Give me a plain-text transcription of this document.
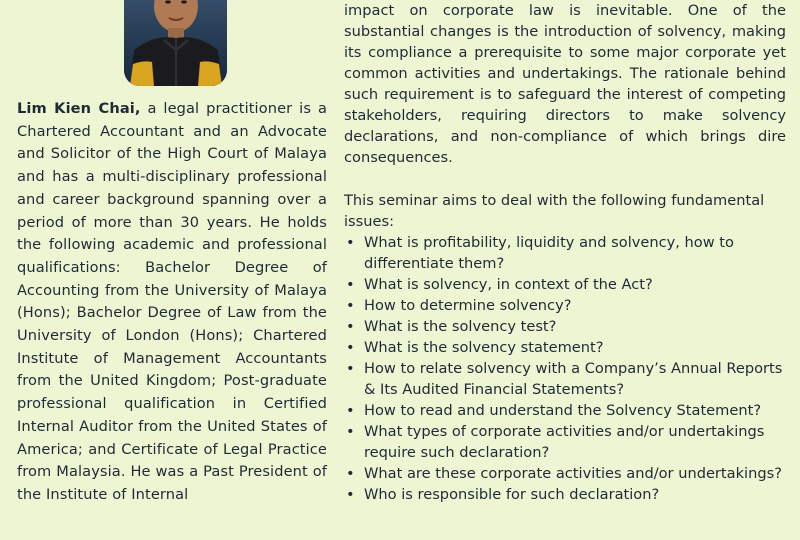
Lim Kien Chai, a legal practitioner is a Chartered Accountant and an Advocate and Solicitor of the High Court of Malaya and has a multi-disciplinary professional and career background spanning over a period of more than 30 years. He holds the following academic and professional qualifications: Bachelor Degree of Accounting from the University of Malaya (Hons); Bachelor Degree of Law from the University of London (Hons); Chartered Institute of Management Accountants from the United Kingdom; Post-graduate professional qualification in Certified Internal Auditor from the United States of America; and Certificate of Legal Practice from Malaysia. He was a Past President of the Institute of Internal

impact on corporate law is inevitable. One of the substantial changes is the introduction of solvency, making its compliance a prerequisite to some major corporate yet common activities and undertakings. The rationale behind such requirement is to safeguard the interest of competing stakeholders, requiring directors to make solvency declarations, and non-compliance of which brings dire consequences.

This seminar aims to deal with the following fundamental issues:

• What is profitability, liquidity and solvency, how to differentiate them?
• What is solvency, in context of the Act?
• How to determine solvency?
• What is the solvency test?
• What is the solvency statement?
• How to relate solvency with a Company’s Annual Reports & Its Audited Financial Statements?
• How to read and understand the Solvency Statement?
• What types of corporate activities and/or undertakings require such declaration?
• What are these corporate activities and/or undertakings?
• Who is responsible for such declaration?
